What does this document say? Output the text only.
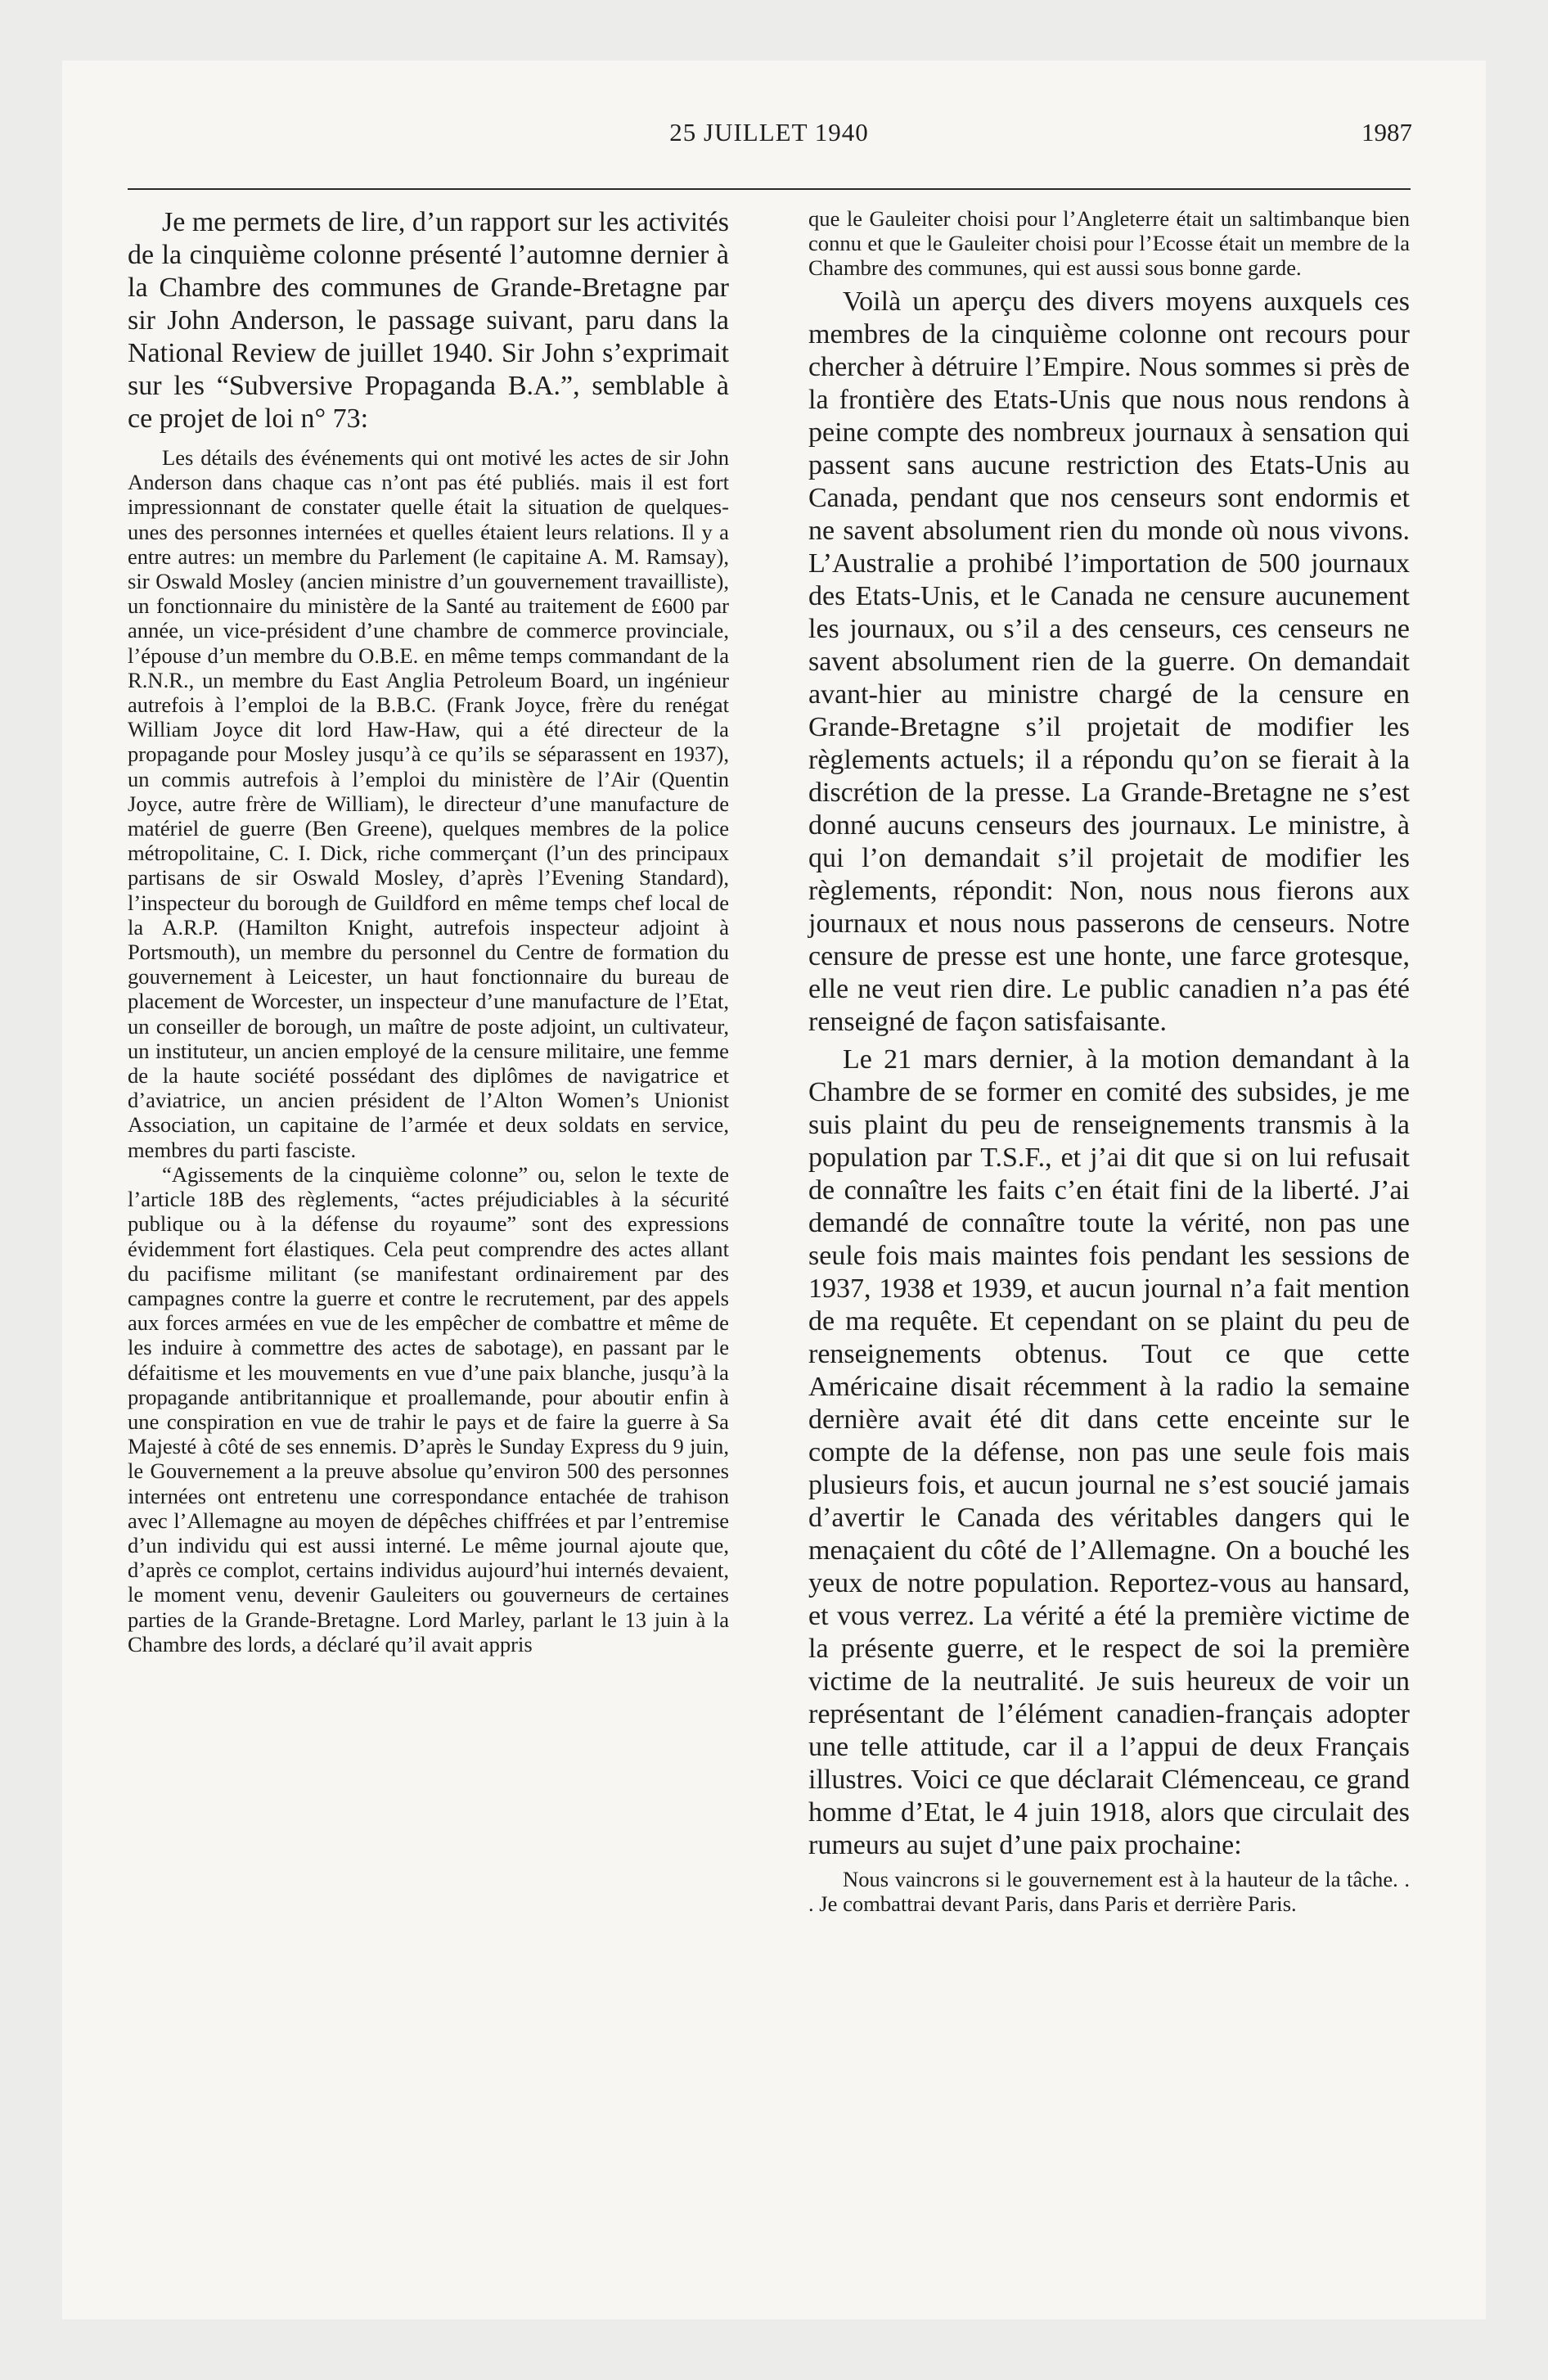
25 JUILLET 1940	1987

Je me permets de lire, d’un rapport sur les activités de la cinquième colonne présenté l’automne dernier à la Chambre des communes de Grande-Bretagne par sir John Anderson, le passage suivant, paru dans la National Review de juillet 1940. Sir John s’exprimait sur les “Subversive Propaganda B.A.”, semblable à ce projet de loi n° 73:

Les détails des événements qui ont motivé les actes de sir John Anderson dans chaque cas n’ont pas été publiés. mais il est fort impressionnant de constater quelle était la situation de quelques-unes des personnes internées et quelles étaient leurs relations. Il y a entre autres: un membre du Parlement (le capitaine A. M. Ramsay), sir Oswald Mosley (ancien ministre d’un gouvernement travailliste), un fonctionnaire du ministère de la Santé au traitement de £600 par année, un vice-président d’une chambre de commerce provinciale, l’épouse d’un membre du O.B.E. en même temps commandant de la R.N.R., un membre du East Anglia Petroleum Board, un ingénieur autrefois à l’emploi de la B.B.C. (Frank Joyce, frère du renégat William Joyce dit lord Haw-Haw, qui a été directeur de la propagande pour Mosley jusqu’à ce qu’ils se séparassent en 1937), un commis autrefois à l’emploi du ministère de l’Air (Quentin Joyce, autre frère de William), le directeur d’une manufacture de matériel de guerre (Ben Greene), quelques membres de la police métropolitaine, C. I. Dick, riche commerçant (l’un des principaux partisans de sir Oswald Mosley, d’après l’Evening Standard), l’inspecteur du borough de Guildford en même temps chef local de la A.R.P. (Hamilton Knight, autrefois inspecteur adjoint à Portsmouth), un membre du personnel du Centre de formation du gouvernement à Leicester, un haut fonctionnaire du bureau de placement de Worcester, un inspecteur d’une manufacture de l’Etat, un conseiller de borough, un maître de poste adjoint, un cultivateur, un instituteur, un ancien employé de la censure militaire, une femme de la haute société possédant des diplômes de navigatrice et d’aviatrice, un ancien président de l’Alton Women’s Unionist Association, un capitaine de l’armée et deux soldats en service, membres du parti fasciste.

“Agissements de la cinquième colonne” ou, selon le texte de l’article 18B des règlements, “actes préjudiciables à la sécurité publique ou à la défense du royaume” sont des expressions évidemment fort élastiques. Cela peut comprendre des actes allant du pacifisme militant (se manifestant ordinairement par des campagnes contre la guerre et contre le recrutement, par des appels aux forces armées en vue de les empêcher de combattre et même de les induire à commettre des actes de sabotage), en passant par le défaitisme et les mouvements en vue d’une paix blanche, jusqu’à la propagande antibritannique et proallemande, pour aboutir enfin à une conspiration en vue de trahir le pays et de faire la guerre à Sa Majesté à côté de ses ennemis. D’après le Sunday Express du 9 juin, le Gouvernement a la preuve absolue qu’environ 500 des personnes internées ont entretenu une correspondance entachée de trahison avec l’Allemagne au moyen de dépêches chiffrées et par l’entremise d’un individu qui est aussi interné. Le même journal ajoute que, d’après ce complot, certains individus aujourd’hui internés devaient, le moment venu, devenir Gauleiters ou gouverneurs de certaines parties de la Grande-Bretagne. Lord Marley, parlant le 13 juin à la Chambre des lords, a déclaré qu’il avait appris

que le Gauleiter choisi pour l’Angleterre était un saltimbanque bien connu et que le Gauleiter choisi pour l’Ecosse était un membre de la Chambre des communes, qui est aussi sous bonne garde.

Voilà un aperçu des divers moyens auxquels ces membres de la cinquième colonne ont recours pour chercher à détruire l’Empire. Nous sommes si près de la frontière des Etats-Unis que nous nous rendons à peine compte des nombreux journaux à sensation qui passent sans aucune restriction des Etats-Unis au Canada, pendant que nos censeurs sont endormis et ne savent absolument rien du monde où nous vivons. L’Australie a prohibé l’importation de 500 journaux des Etats-Unis, et le Canada ne censure aucunement les journaux, ou s’il a des censeurs, ces censeurs ne savent absolument rien de la guerre. On demandait avant-hier au ministre chargé de la censure en Grande-Bretagne s’il projetait de modifier les règlements actuels; il a répondu qu’on se fierait à la discrétion de la presse. La Grande-Bretagne ne s’est donné aucuns censeurs des journaux. Le ministre, à qui l’on demandait s’il projetait de modifier les règlements, répondit: Non, nous nous fierons aux journaux et nous nous passerons de censeurs. Notre censure de presse est une honte, une farce grotesque, elle ne veut rien dire. Le public canadien n’a pas été renseigné de façon satisfaisante.

Le 21 mars dernier, à la motion demandant à la Chambre de se former en comité des subsides, je me suis plaint du peu de renseignements transmis à la population par T.S.F., et j’ai dit que si on lui refusait de connaître les faits c’en était fini de la liberté. J’ai demandé de connaître toute la vérité, non pas une seule fois mais maintes fois pendant les sessions de 1937, 1938 et 1939, et aucun journal n’a fait mention de ma requête. Et cependant on se plaint du peu de renseignements obtenus. Tout ce que cette Américaine disait récemment à la radio la semaine dernière avait été dit dans cette enceinte sur le compte de la défense, non pas une seule fois mais plusieurs fois, et aucun journal ne s’est soucié jamais d’avertir le Canada des véritables dangers qui le menaçaient du côté de l’Allemagne. On a bouché les yeux de notre population. Reportez-vous au hansard, et vous verrez. La vérité a été la première victime de la présente guerre, et le respect de soi la première victime de la neutralité. Je suis heureux de voir un représentant de l’élément canadien-français adopter une telle attitude, car il a l’appui de deux Français illustres. Voici ce que déclarait Clémenceau, ce grand homme d’Etat, le 4 juin 1918, alors que circulait des rumeurs au sujet d’une paix prochaine:

Nous vaincrons si le gouvernement est à la hauteur de la tâche. . . Je combattrai devant Paris, dans Paris et derrière Paris.
